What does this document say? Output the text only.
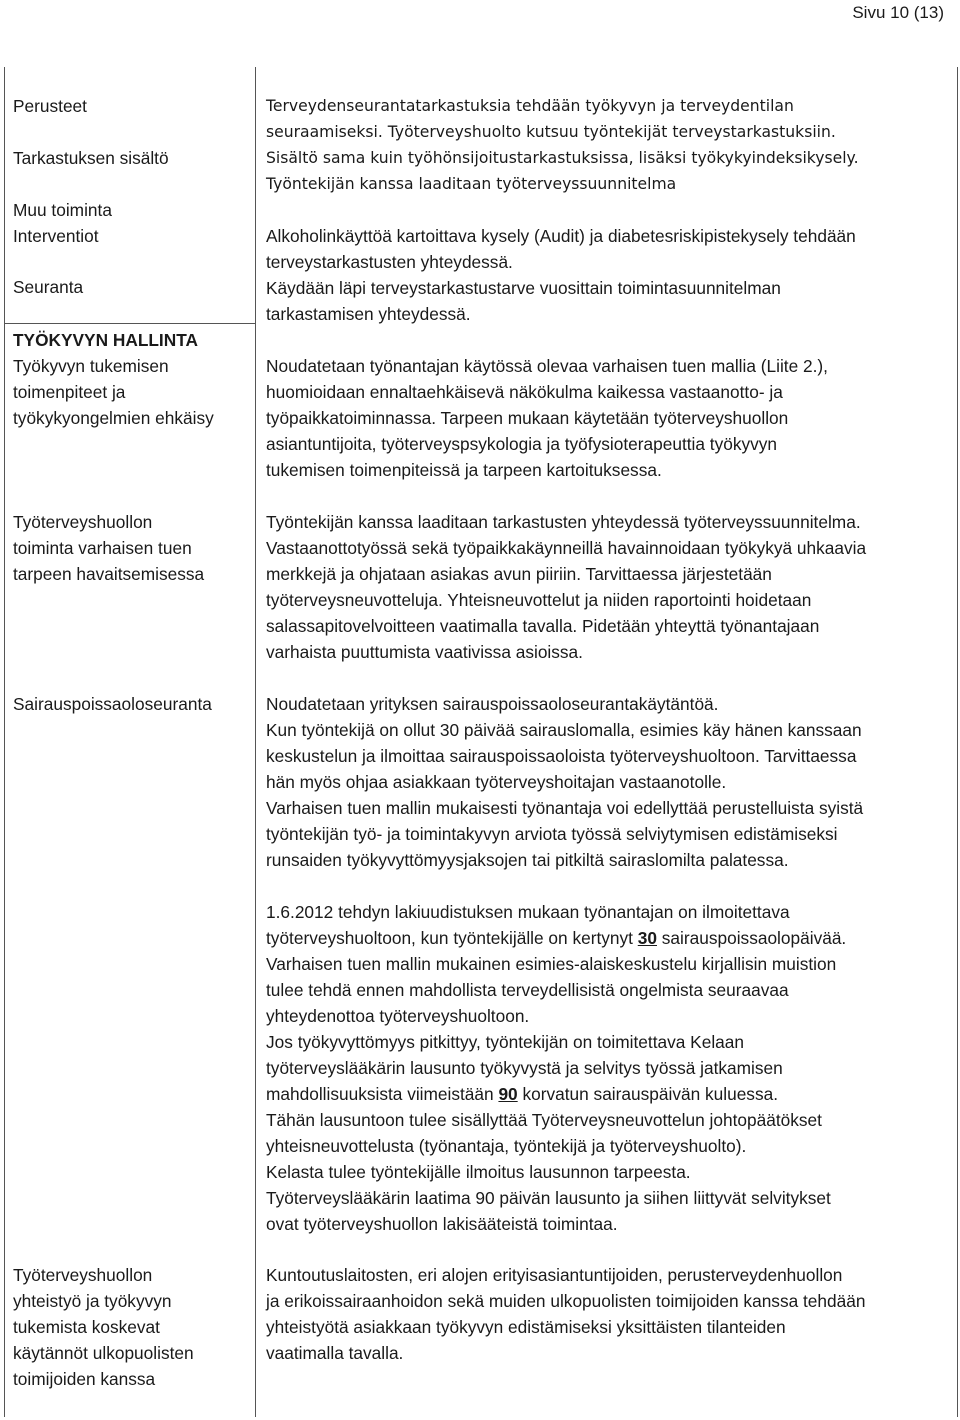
Sivu 10 (13)
Perusteet
Tarkastuksen sisältö
Muu toiminta
Interventiot
Seuranta
TYÖKYVYN HALLINTA
Työkyvyn tukemisen
toimenpiteet ja
työkykyongelmien ehkäisy
Työterveyshuollon
toiminta varhaisen tuen
tarpeen havaitsemisessa
Sairauspoissaoloseuranta
Työterveyshuollon
yhteistyö ja työkyvyn
tukemista koskevat
käytännöt ulkopuolisten
toimijoiden kanssa
Terveydenseurantatarkastuksia tehdään työkyvyn ja terveydentilan
seuraamiseksi. Työterveyshuolto kutsuu työntekijät terveystarkastuksiin.
Sisältö sama kuin työhönsijoitustarkastuksissa, lisäksi työkykyindeksikysely.
Työntekijän kanssa laaditaan työterveyssuunnitelma
Alkoholinkäyttöä kartoittava kysely (Audit) ja diabetesriskipistekysely tehdään
terveystarkastusten yhteydessä.
Käydään läpi terveystarkastustarve vuosittain toimintasuunnitelman
tarkastamisen yhteydessä.
Noudatetaan työnantajan käytössä olevaa varhaisen tuen mallia (Liite 2.),
huomioidaan ennaltaehkäisevä näkökulma kaikessa vastaanotto- ja
työpaikkatoiminnassa. Tarpeen mukaan käytetään työterveyshuollon
asiantuntijoita, työterveyspsykologia ja työfysioterapeuttia työkyvyn
tukemisen toimenpiteissä ja tarpeen kartoituksessa.
Työntekijän kanssa laaditaan tarkastusten yhteydessä työterveyssuunnitelma.
Vastaanottotyössä sekä työpaikkakäynneillä havainnoidaan työkykyä uhkaavia
merkkejä ja ohjataan asiakas avun piiriin. Tarvittaessa järjestetään
työterveysneuvotteluja. Yhteisneuvottelut ja niiden raportointi hoidetaan
salassapitovelvoitteen vaatimalla tavalla. Pidetään yhteyttä työnantajaan
varhaista puuttumista vaativissa asioissa.
Noudatetaan yrityksen sairauspoissaoloseurantakäytäntöä.
Kun työntekijä on ollut 30 päivää sairauslomalla, esimies käy hänen kanssaan
keskustelun ja ilmoittaa sairauspoissaoloista työterveyshuoltoon. Tarvittaessa
hän myös ohjaa asiakkaan työterveyshoitajan vastaanotolle.
Varhaisen tuen mallin mukaisesti työnantaja voi edellyttää perustelluista syistä
työntekijän työ- ja toimintakyvyn arviota työssä selviytymisen edistämiseksi
runsaiden työkyvyttömyysjaksojen tai pitkiltä sairaslomilta palatessa.
1.6.2012 tehdyn lakiuudistuksen mukaan työnantajan on ilmoitettava
työterveyshuoltoon, kun työntekijälle on kertynyt 30 sairauspoissaolopäivää.
Varhaisen tuen mallin mukainen esimies-alaiskeskustelu kirjallisin muistion
tulee tehdä ennen mahdollista terveydellisistä ongelmista seuraavaa
yhteydenottoa työterveyshuoltoon.
Jos työkyvyttömyys pitkittyy, työntekijän on toimitettava Kelaan
työterveyslääkärin lausunto työkyvystä ja selvitys työssä jatkamisen
mahdollisuuksista viimeistään 90 korvatun sairauspäivän kuluessa.
Tähän lausuntoon tulee sisällyttää Työterveysneuvottelun johtopäätökset
yhteisneuvottelusta (työnantaja, työntekijä ja työterveyshuolto).
Kelasta tulee työntekijälle ilmoitus lausunnon tarpeesta.
Työterveyslääkärin laatima 90 päivän lausunto ja siihen liittyvät selvitykset
ovat työterveyshuollon lakisääteistä toimintaa.
Kuntoutuslaitosten, eri alojen erityisasiantuntijoiden, perusterveydenhuollon
ja erikoissairaanhoidon sekä muiden ulkopuolisten toimijoiden kanssa tehdään
yhteistyötä asiakkaan työkyvyn edistämiseksi yksittäisten tilanteiden
vaatimalla tavalla.
